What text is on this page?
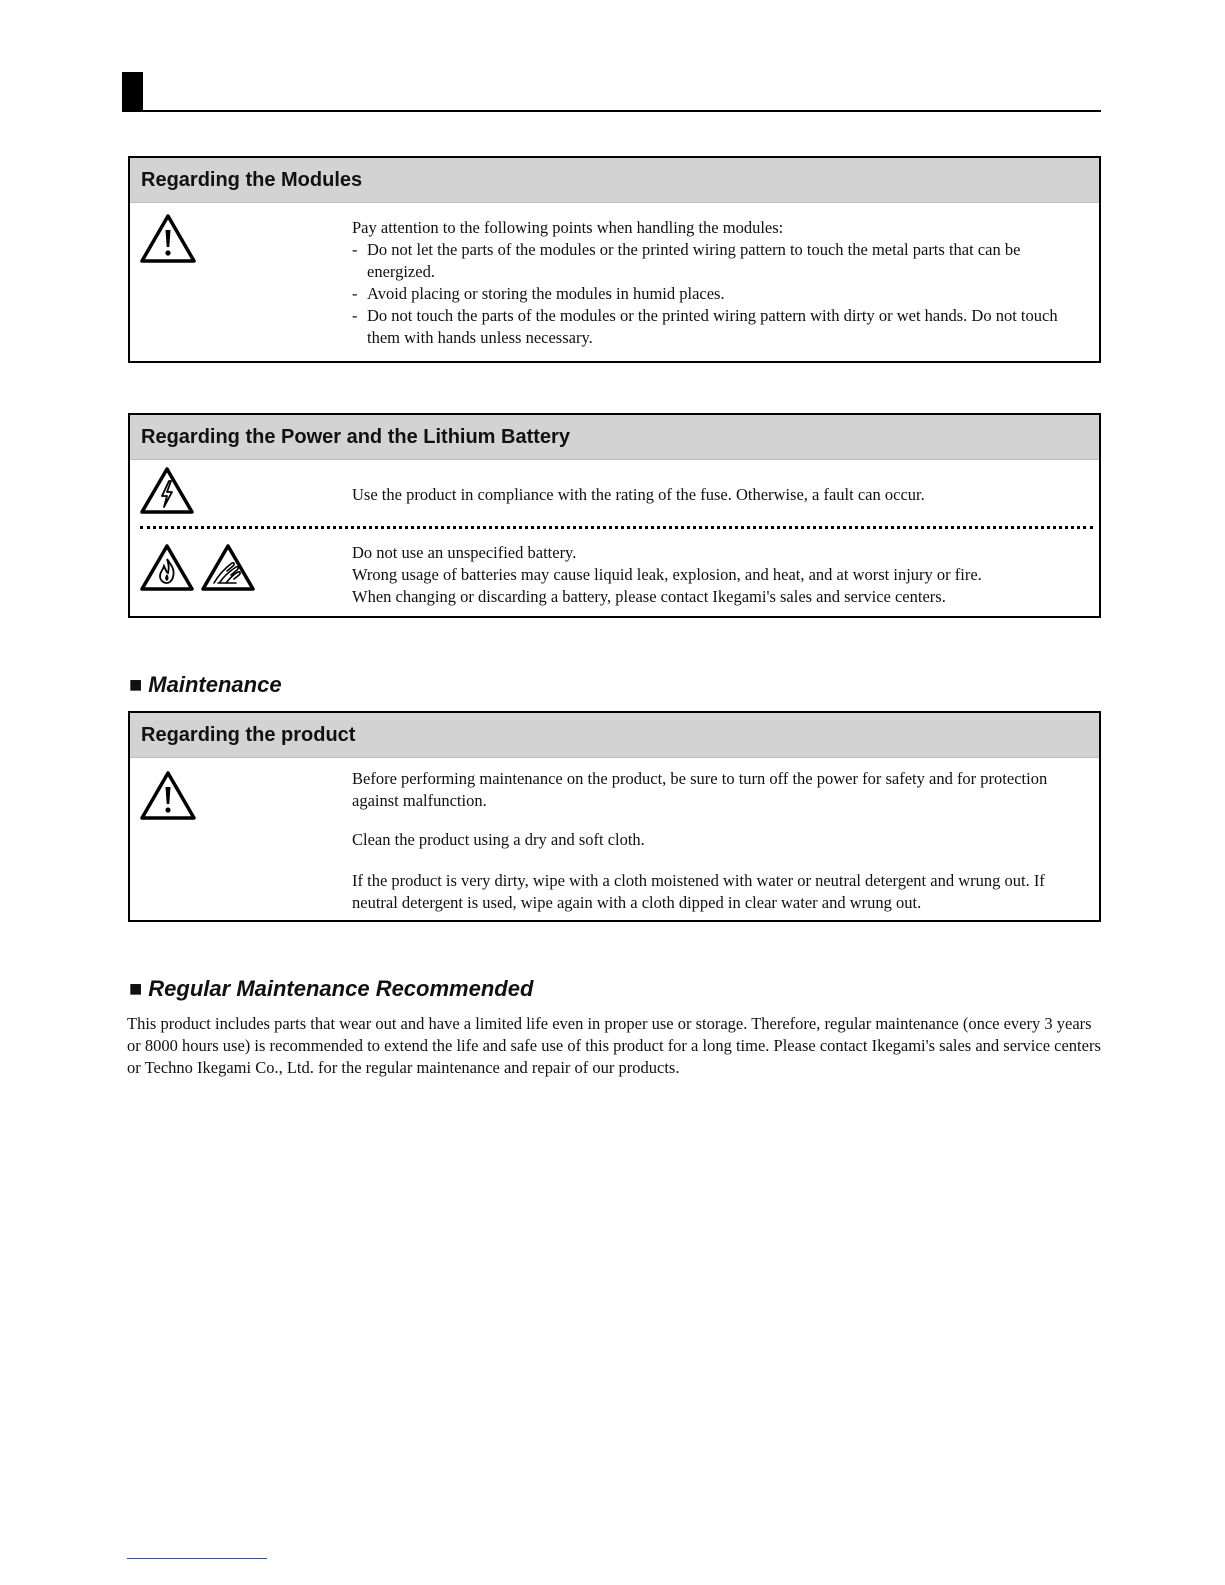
Regarding the Modules

Pay attention to the following points when handling the modules:

- Do not let the parts of the modules or the printed wiring pattern to touch the metal parts that can be energized.
- Avoid placing or storing the modules in humid places.
- Do not touch the parts of the modules or the printed wiring pattern with dirty or wet hands. Do not touch them with hands unless necessary.
Regarding the Power and the Lithium Battery

Use the product in compliance with the rating of the fuse. Otherwise, a fault can occur.

Do not use an unspecified battery.

Wrong usage of batteries may cause liquid leak, explosion, and heat, and at worst injury or fire.

When changing or discarding a battery, please contact Ikegami's sales and service centers.

■ Maintenance
Regarding the product

Before performing maintenance on the product, be sure to turn off the power for safety and for protection against malfunction.

Clean the product using a dry and soft cloth.

If the product is very dirty, wipe with a cloth moistened with water or neutral detergent and wrung out. If neutral detergent is used, wipe again with a cloth dipped in clear water and wrung out.

■ Regular Maintenance Recommended
This product includes parts that wear out and have a limited life even in proper use or storage. Therefore, regular maintenance (once every 3 years or 8000 hours use) is recommended to extend the life and safe use of this product for a long time. Please contact Ikegami's sales and service centers or Techno Ikegami Co., Ltd. for the regular maintenance and repair of our products.
